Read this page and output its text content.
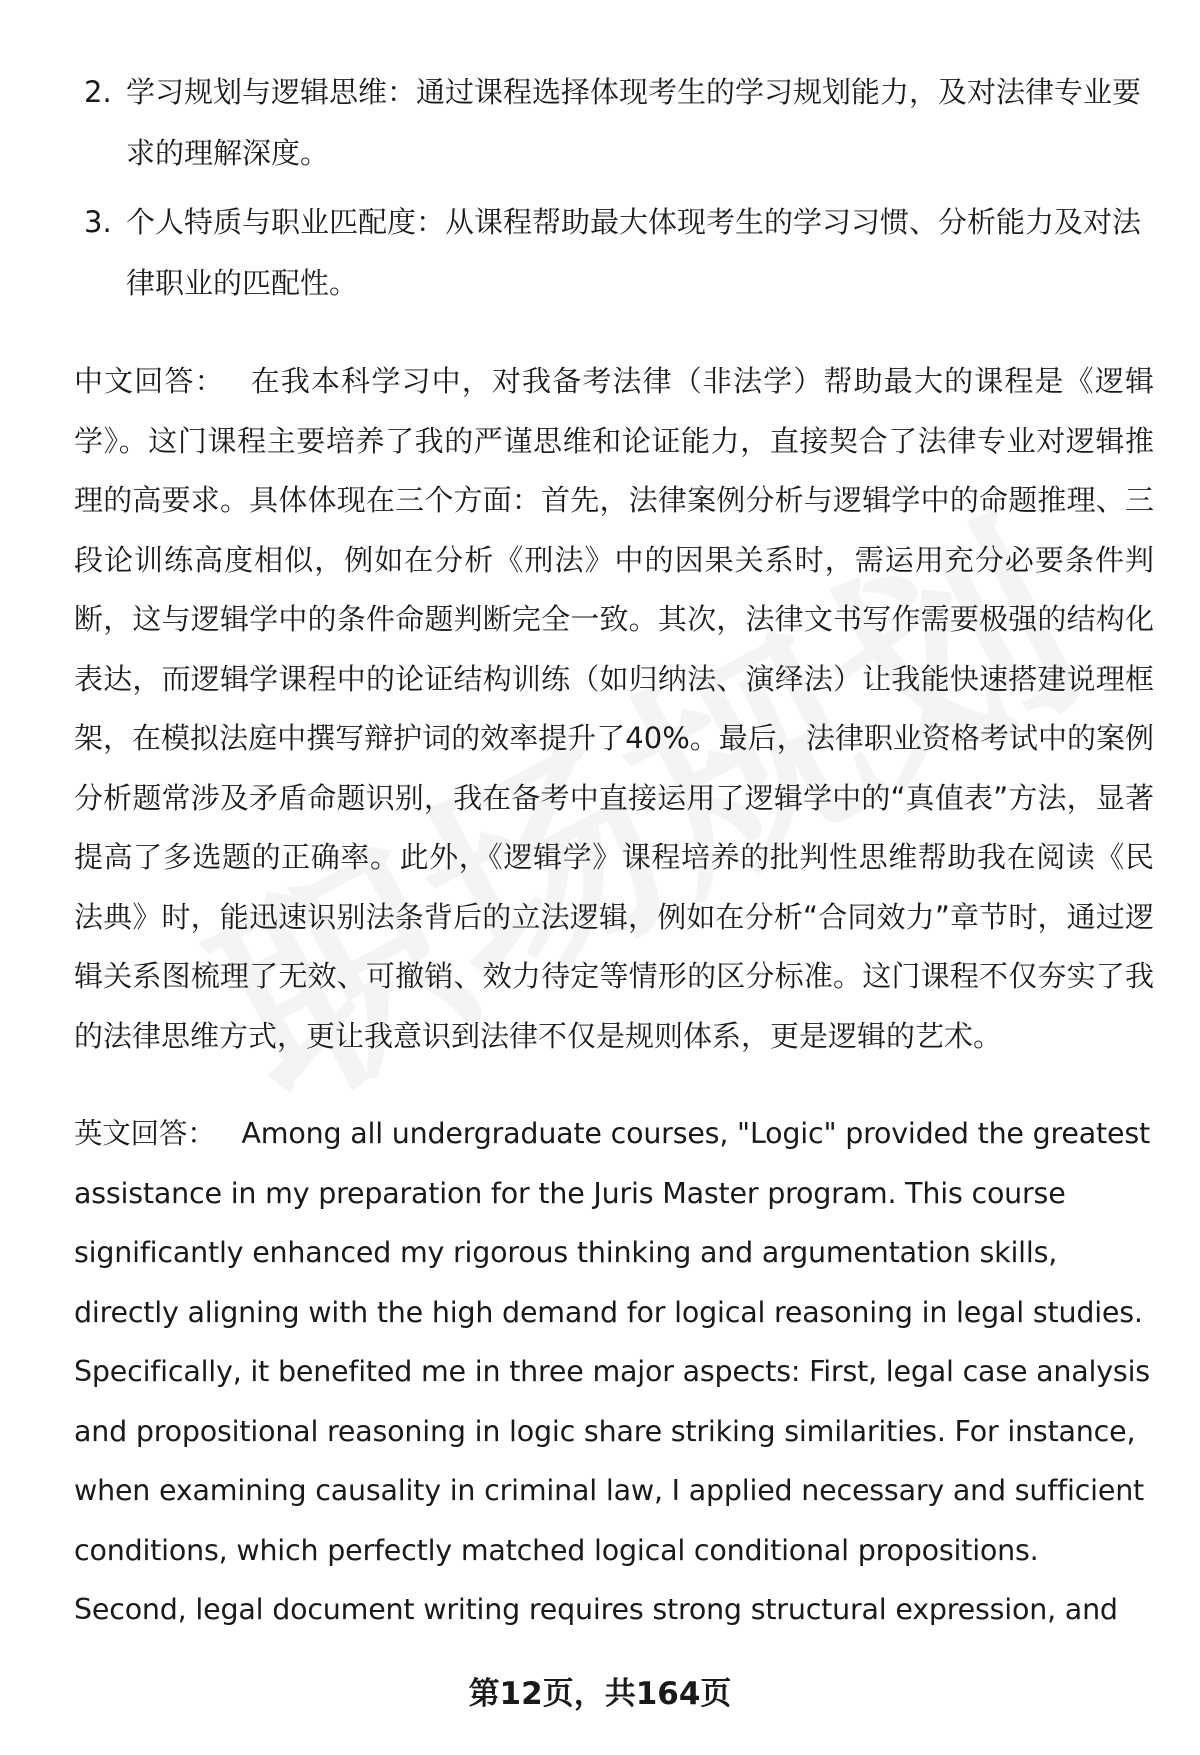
2. 学习规划与逻辑思维：通过课程选择体现考生的学习规划能力，及对法律专业要求的理解深度。
3. 个人特质与职业匹配度：从课程帮助最大体现考生的学习习惯、分析能力及对法律职业的匹配性。

中文回答： 在我本科学习中，对我备考法律（非法学）帮助最大的课程是《逻辑学》。这门课程主要培养了我的严谨思维和论证能力，直接契合了法律专业对逻辑推理的高要求。具体体现在三个方面：首先，法律案例分析与逻辑学中的命题推理、三段论训练高度相似，例如在分析《刑法》中的因果关系时，需运用充分必要条件判断，这与逻辑学中的条件命题判断完全一致。其次，法律文书写作需要极强的结构化表达，而逻辑学课程中的论证结构训练（如归纳法、演绎法）让我能快速搭建说理框架，在模拟法庭中撰写辩护词的效率提升了40%。最后，法律职业资格考试中的案例分析题常涉及矛盾命题识别，我在备考中直接运用了逻辑学中的“真值表”方法，显著提高了多选题的正确率。此外，《逻辑学》课程培养的批判性思维帮助我在阅读《民法典》时，能迅速识别法条背后的立法逻辑，例如在分析“合同效力”章节时，通过逻辑关系图梳理了无效、可撤销、效力待定等情形的区分标准。这门课程不仅夯实了我的法律思维方式，更让我意识到法律不仅是规则体系，更是逻辑的艺术。

英文回答： Among all undergraduate courses, "Logic" provided the greatest assistance in my preparation for the Juris Master program. This course significantly enhanced my rigorous thinking and argumentation skills, directly aligning with the high demand for logical reasoning in legal studies. Specifically, it benefited me in three major aspects: First, legal case analysis and propositional reasoning in logic share striking similarities. For instance, when examining causality in criminal law, I applied necessary and sufficient conditions, which perfectly matched logical conditional propositions. Second, legal document writing requires strong structural expression, and

第12页，共164页
